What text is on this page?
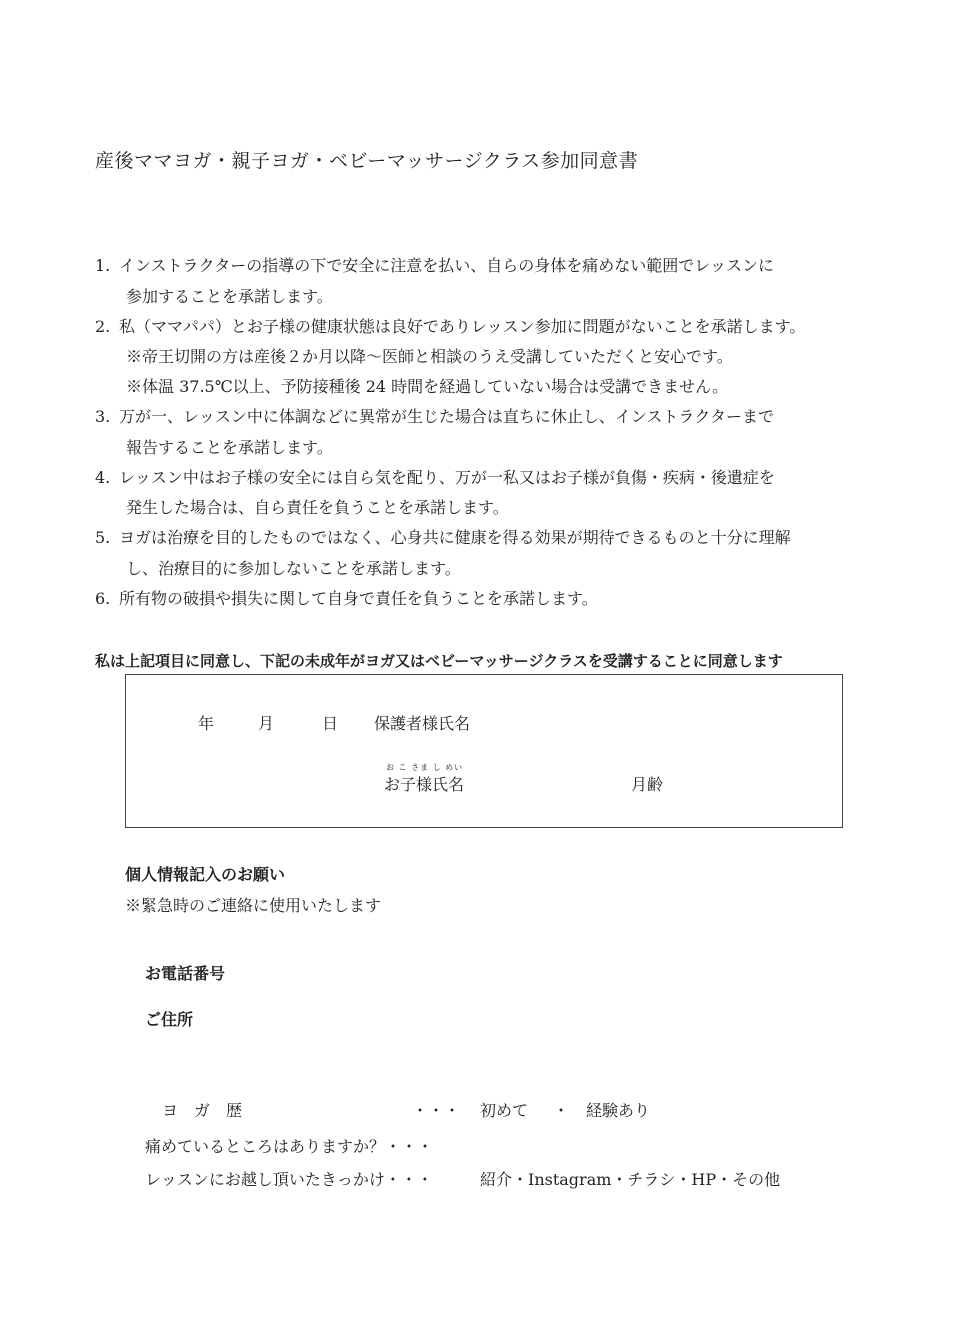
産後ママヨガ・親子ヨガ・ベビーマッサージクラス参加同意書
1. インストラクターの指導の下で安全に注意を払い、自らの身体を痛めない範囲でレッスンに
参加することを承諾します。
2. 私（ママパパ）とお子様の健康状態は良好でありレッスン参加に問題がないことを承諾します。
※帝王切開の方は産後２か月以降〜医師と相談のうえ受講していただくと安心です。
※体温 37.5℃以上、予防接種後 24 時間を経過していない場合は受講できません。
3. 万が一、レッスン中に体調などに異常が生じた場合は直ちに休止し、インストラクターまで
報告することを承諾します。
4. レッスン中はお子様の安全には自ら気を配り、万が一私又はお子様が負傷・疾病・後遺症を
発生した場合は、自ら責任を負うことを承諾します。
5. ヨガは治療を目的したものではなく、心身共に健康を得る効果が期待できるものと十分に理解
し、治療目的に参加しないことを承諾します。
6. 所有物の破損や損失に関して自身で責任を負うことを承諾します。
私は上記項目に同意し、下記の未成年がヨガ又はベビーマッサージクラスを受講することに同意します
年	月	日 保護者様氏名
お こ さま し めい
お子様氏名	月齢
個人情報記入のお願い
※緊急時のご連絡に使用いたします
お電話番号
ご住所
ヨ　ガ　歴	・・・ 初めて ・ 経験あり
痛めているところはありますか？・・・
レッスンにお越し頂いたきっかけ・・・	紹介・Instagram・チラシ・HP・その他
